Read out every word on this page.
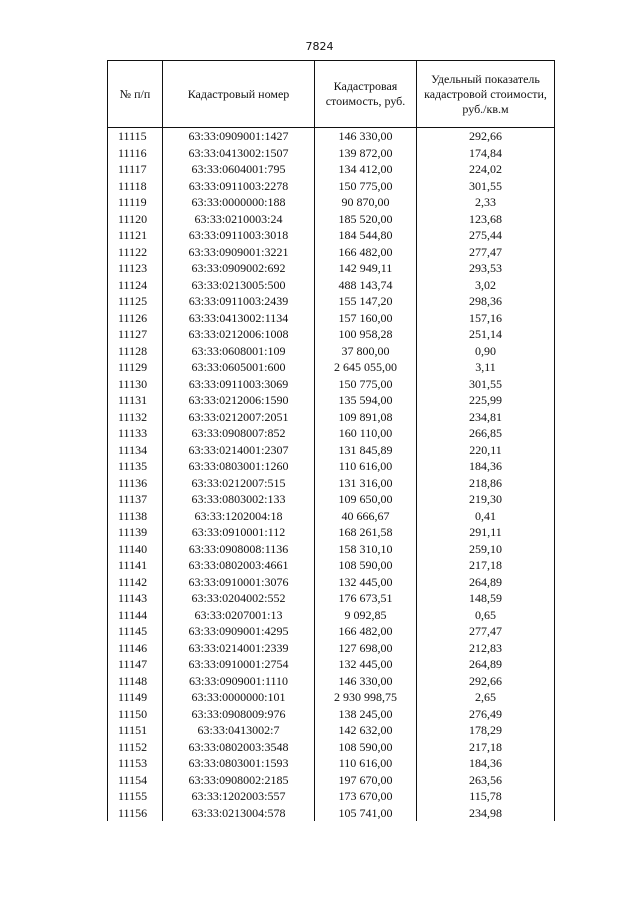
7824
№ п/п	Кадастровый номер	Кадастровая стоимость, руб.	Удельный показатель кадастровой стоимости, руб./кв.м
11115	63:33:0909001:1427	146 330,00	292,66
11116	63:33:0413002:1507	139 872,00	174,84
11117	63:33:0604001:795	134 412,00	224,02
11118	63:33:0911003:2278	150 775,00	301,55
11119	63:33:0000000:188	90 870,00	2,33
11120	63:33:0210003:24	185 520,00	123,68
11121	63:33:0911003:3018	184 544,80	275,44
11122	63:33:0909001:3221	166 482,00	277,47
11123	63:33:0909002:692	142 949,11	293,53
11124	63:33:0213005:500	488 143,74	3,02
11125	63:33:0911003:2439	155 147,20	298,36
11126	63:33:0413002:1134	157 160,00	157,16
11127	63:33:0212006:1008	100 958,28	251,14
11128	63:33:0608001:109	37 800,00	0,90
11129	63:33:0605001:600	2 645 055,00	3,11
11130	63:33:0911003:3069	150 775,00	301,55
11131	63:33:0212006:1590	135 594,00	225,99
11132	63:33:0212007:2051	109 891,08	234,81
11133	63:33:0908007:852	160 110,00	266,85
11134	63:33:0214001:2307	131 845,89	220,11
11135	63:33:0803001:1260	110 616,00	184,36
11136	63:33:0212007:515	131 316,00	218,86
11137	63:33:0803002:133	109 650,00	219,30
11138	63:33:1202004:18	40 666,67	0,41
11139	63:33:0910001:112	168 261,58	291,11
11140	63:33:0908008:1136	158 310,10	259,10
11141	63:33:0802003:4661	108 590,00	217,18
11142	63:33:0910001:3076	132 445,00	264,89
11143	63:33:0204002:552	176 673,51	148,59
11144	63:33:0207001:13	9 092,85	0,65
11145	63:33:0909001:4295	166 482,00	277,47
11146	63:33:0214001:2339	127 698,00	212,83
11147	63:33:0910001:2754	132 445,00	264,89
11148	63:33:0909001:1110	146 330,00	292,66
11149	63:33:0000000:101	2 930 998,75	2,65
11150	63:33:0908009:976	138 245,00	276,49
11151	63:33:0413002:7	142 632,00	178,29
11152	63:33:0802003:3548	108 590,00	217,18
11153	63:33:0803001:1593	110 616,00	184,36
11154	63:33:0908002:2185	197 670,00	263,56
11155	63:33:1202003:557	173 670,00	115,78
11156	63:33:0213004:578	105 741,00	234,98
